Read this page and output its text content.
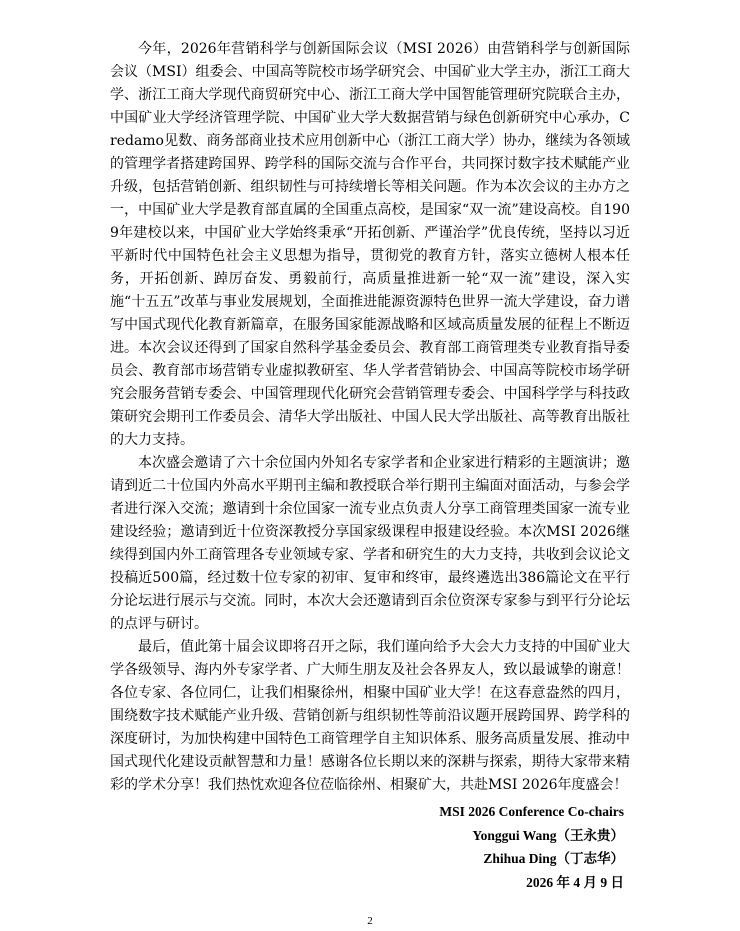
今年，2026年营销科学与创新国际会议（MSI 2026）由营销科学与创新国际会议（MSI）组委会、中国高等院校市场学研究会、中国矿业大学主办，浙江工商大学、浙江工商大学现代商贸研究中心、浙江工商大学中国智能管理研究院联合主办，中国矿业大学经济管理学院、中国矿业大学大数据营销与绿色创新研究中心承办，Credamo见数、商务部商业技术应用创新中心（浙江工商大学）协办，继续为各领域的管理学者搭建跨国界、跨学科的国际交流与合作平台，共同探讨数字技术赋能产业升级，包括营销创新、组织韧性与可持续增长等相关问题。作为本次会议的主办方之一，中国矿业大学是教育部直属的全国重点高校，是国家“双一流”建设高校。自1909年建校以来，中国矿业大学始终秉承“开拓创新、严谨治学”优良传统，坚持以习近平新时代中国特色社会主义思想为指导，贯彻党的教育方针，落实立德树人根本任务，开拓创新、踔厉奋发、勇毅前行，高质量推进新一轮“双一流”建设，深入实施“十五五”改革与事业发展规划，全面推进能源资源特色世界一流大学建设，奋力谱写中国式现代化教育新篇章，在服务国家能源战略和区域高质量发展的征程上不断迈进。本次会议还得到了国家自然科学基金委员会、教育部工商管理类专业教育指导委员会、教育部市场营销专业虚拟教研室、华人学者营销协会、中国高等院校市场学研究会服务营销专委会、中国管理现代化研究会营销管理专委会、中国科学学与科技政策研究会期刊工作委员会、清华大学出版社、中国人民大学出版社、高等教育出版社的大力支持。

本次盛会邀请了六十余位国内外知名专家学者和企业家进行精彩的主题演讲；邀请到近二十位国内外高水平期刊主编和教授联合举行期刊主编面对面活动，与参会学者进行深入交流；邀请到十余位国家一流专业点负责人分享工商管理类国家一流专业建设经验；邀请到近十位资深教授分享国家级课程申报建设经验。本次MSI 2026继续得到国内外工商管理各专业领域专家、学者和研究生的大力支持，共收到会议论文投稿近500篇，经过数十位专家的初审、复审和终审，最终遴选出386篇论文在平行分论坛进行展示与交流。同时，本次大会还邀请到百余位资深专家参与到平行分论坛的点评与研讨。

最后，值此第十届会议即将召开之际，我们谨向给予大会大力支持的中国矿业大学各级领导、海内外专家学者、广大师生朋友及社会各界友人，致以最诚挚的谢意！各位专家、各位同仁，让我们相聚徐州，相聚中国矿业大学！在这春意盎然的四月，围绕数字技术赋能产业升级、营销创新与组织韧性等前沿议题开展跨国界、跨学科的深度研讨，为加快构建中国特色工商管理学自主知识体系、服务高质量发展、推动中国式现代化建设贡献智慧和力量！感谢各位长期以来的深耕与探索，期待大家带来精彩的学术分享！我们热忱欢迎各位莅临徐州、相聚矿大，共赴MSI 2026年度盛会！

MSI 2026 Conference Co-chairs
Yonggui Wang（王永贵）
Zhihua Ding（丁志华）
2026 年 4 月 9 日
2
